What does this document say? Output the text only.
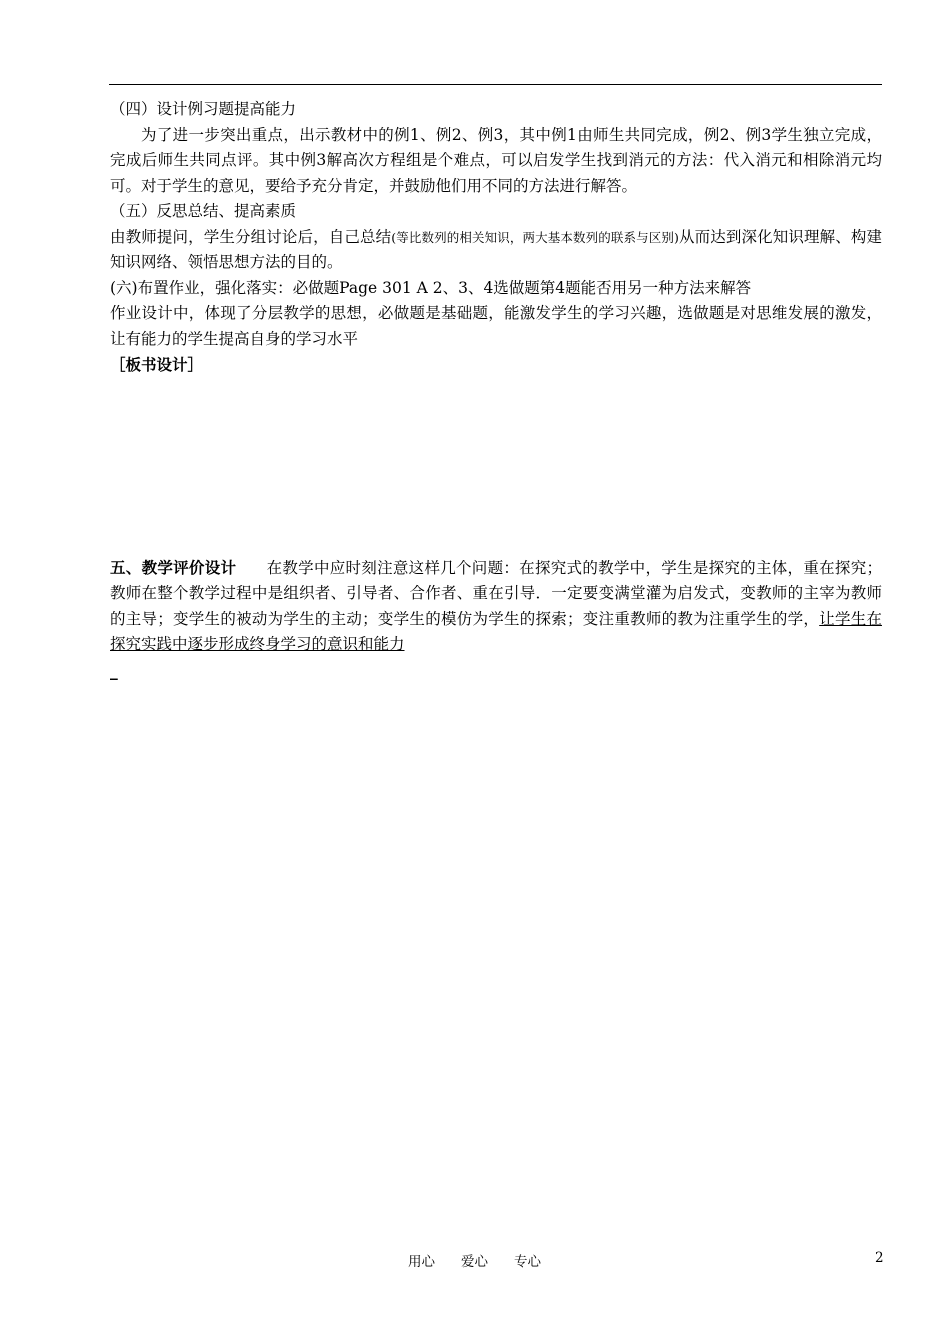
（四）设计例习题提高能力

为了进一步突出重点，出示教材中的例1、例2、例3，其中例1由师生共同完成，例2、例3学生独立完成，完成后师生共同点评。其中例3解高次方程组是个难点，可以启发学生找到消元的方法：代入消元和相除消元均可。对于学生的意见，要给予充分肯定，并鼓励他们用不同的方法进行解答。

（五）反思总结、提高素质

由教师提问，学生分组讨论后，自己总结(等比数列的相关知识，两大基本数列的联系与区别)从而达到深化知识理解、构建知识网络、领悟思想方法的目的。

(六)布置作业，强化落实：必做题Page 301 A 2、3、4选做题第4题能否用另一种方法来解答

作业设计中，体现了分层教学的思想，必做题是基础题，能激发学生的学习兴趣，选做题是对思维发展的激发，让有能力的学生提高自身的学习水平

［板书设计］

五、教学评价设计 在教学中应时刻注意这样几个问题：在探究式的教学中，学生是探究的主体，重在探究；教师在整个教学过程中是组织者、引导者、合作者、重在引导．一定要变满堂灌为启发式，变教师的主宰为教师的主导；变学生的被动为学生的主动；变学生的模仿为学生的探索；变注重教师的教为注重学生的学，让学生在探究实践中逐步形成终身学习的意识和能力

_

用心 爱心 专心	2
